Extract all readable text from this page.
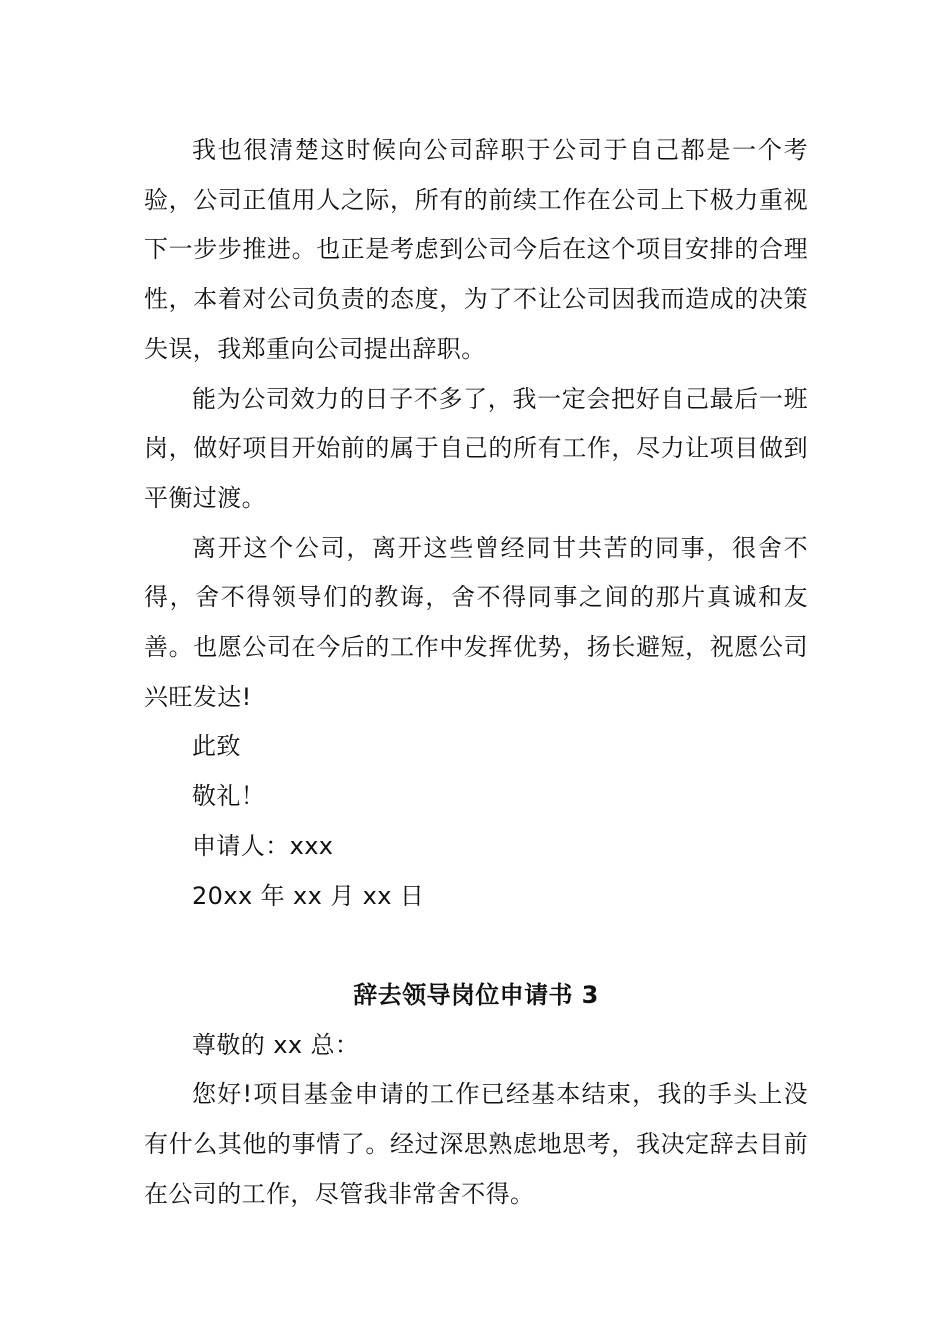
我也很清楚这时候向公司辞职于公司于自己都是一个考验，公司正值用人之际，所有的前续工作在公司上下极力重视下一步步推进。也正是考虑到公司今后在这个项目安排的合理性，本着对公司负责的态度，为了不让公司因我而造成的决策失误，我郑重向公司提出辞职。

能为公司效力的日子不多了，我一定会把好自己最后一班岗，做好项目开始前的属于自己的所有工作，尽力让项目做到平衡过渡。

离开这个公司，离开这些曾经同甘共苦的同事，很舍不得，舍不得领导们的教诲，舍不得同事之间的那片真诚和友善。也愿公司在今后的工作中发挥优势，扬长避短，祝愿公司兴旺发达!

此致

敬礼！

申请人：xxx

20xx 年 xx 月 xx 日

辞去领导岗位申请书 3

尊敬的 xx 总：

您好!项目基金申请的工作已经基本结束，我的手头上没有什么其他的事情了。经过深思熟虑地思考，我决定辞去目前在公司的工作，尽管我非常舍不得。
